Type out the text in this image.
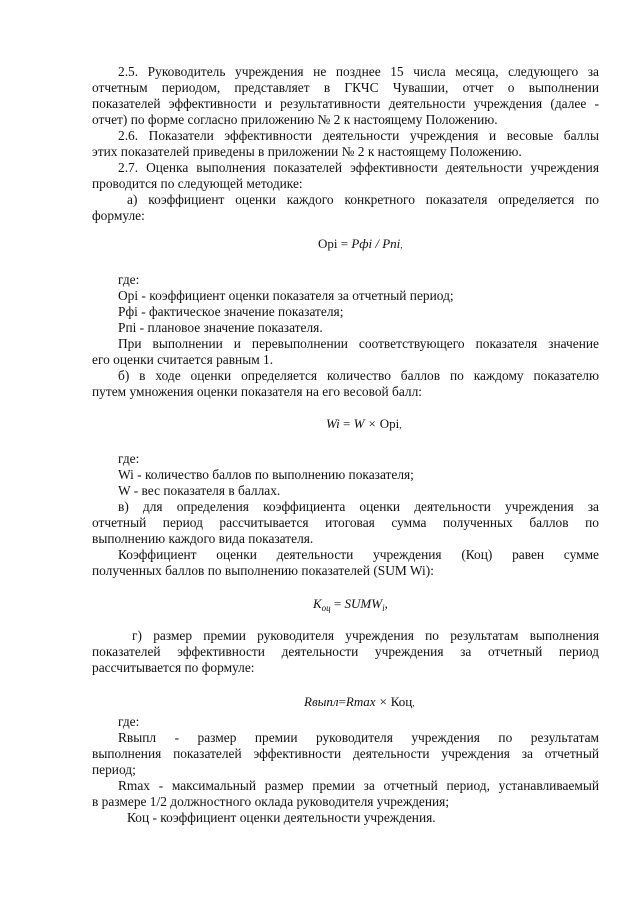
2.5. Руководитель учреждения не позднее 15 числа месяца, следующего за
отчетным периодом, представляет в ГКЧС Чувашии, отчет о выполнении
показателей эффективности и результативности деятельности учреждения (далее -
отчет) по форме согласно приложению № 2 к настоящему Положению.
2.6. Показатели эффективности деятельности учреждения и весовые баллы
этих показателей приведены в приложении № 2 к настоящему Положению.
2.7. Оценка выполнения показателей эффективности деятельности учреждения
проводится по следующей методике:
а) коэффициент оценки каждого конкретного показателя определяется по
формуле:
Opi = Pфi / Pпi,
где:
Opi - коэффициент оценки показателя за отчетный период;
Рфi - фактическое значение показателя;
Рпi - плановое значение показателя.
При выполнении и перевыполнении соответствующего показателя значение
его оценки считается равным 1.
б) в ходе оценки определяется количество баллов по каждому показателю
путем умножения оценки показателя на его весовой балл:
Wi = W × Opi,
где:
Wi - количество баллов по выполнению показателя;
W - вес показателя в баллах.
в) для определения коэффициента оценки деятельности учреждения за
отчетный период рассчитывается итоговая сумма полученных баллов по
выполнению каждого вида показателя.
Коэффициент оценки деятельности учреждения (Коц) равен сумме
полученных баллов по выполнению показателей (SUM Wi):
$K_{оц}$ = $SUMW_i$,
г) размер премии руководителя учреждения по результатам выполнения
показателей эффективности деятельности учреждения за отчетный период
рассчитывается по формуле:
Rвыпл=Rmax × Коц,
где:
Rвыпл - размер премии руководителя учреждения по результатам
выполнения показателей эффективности деятельности учреждения за отчетный
период;
Rmax - максимальный размер премии за отчетный период, устанавливаемый
в размере 1/2 должностного оклада руководителя учреждения;
Коц - коэффициент оценки деятельности учреждения.
